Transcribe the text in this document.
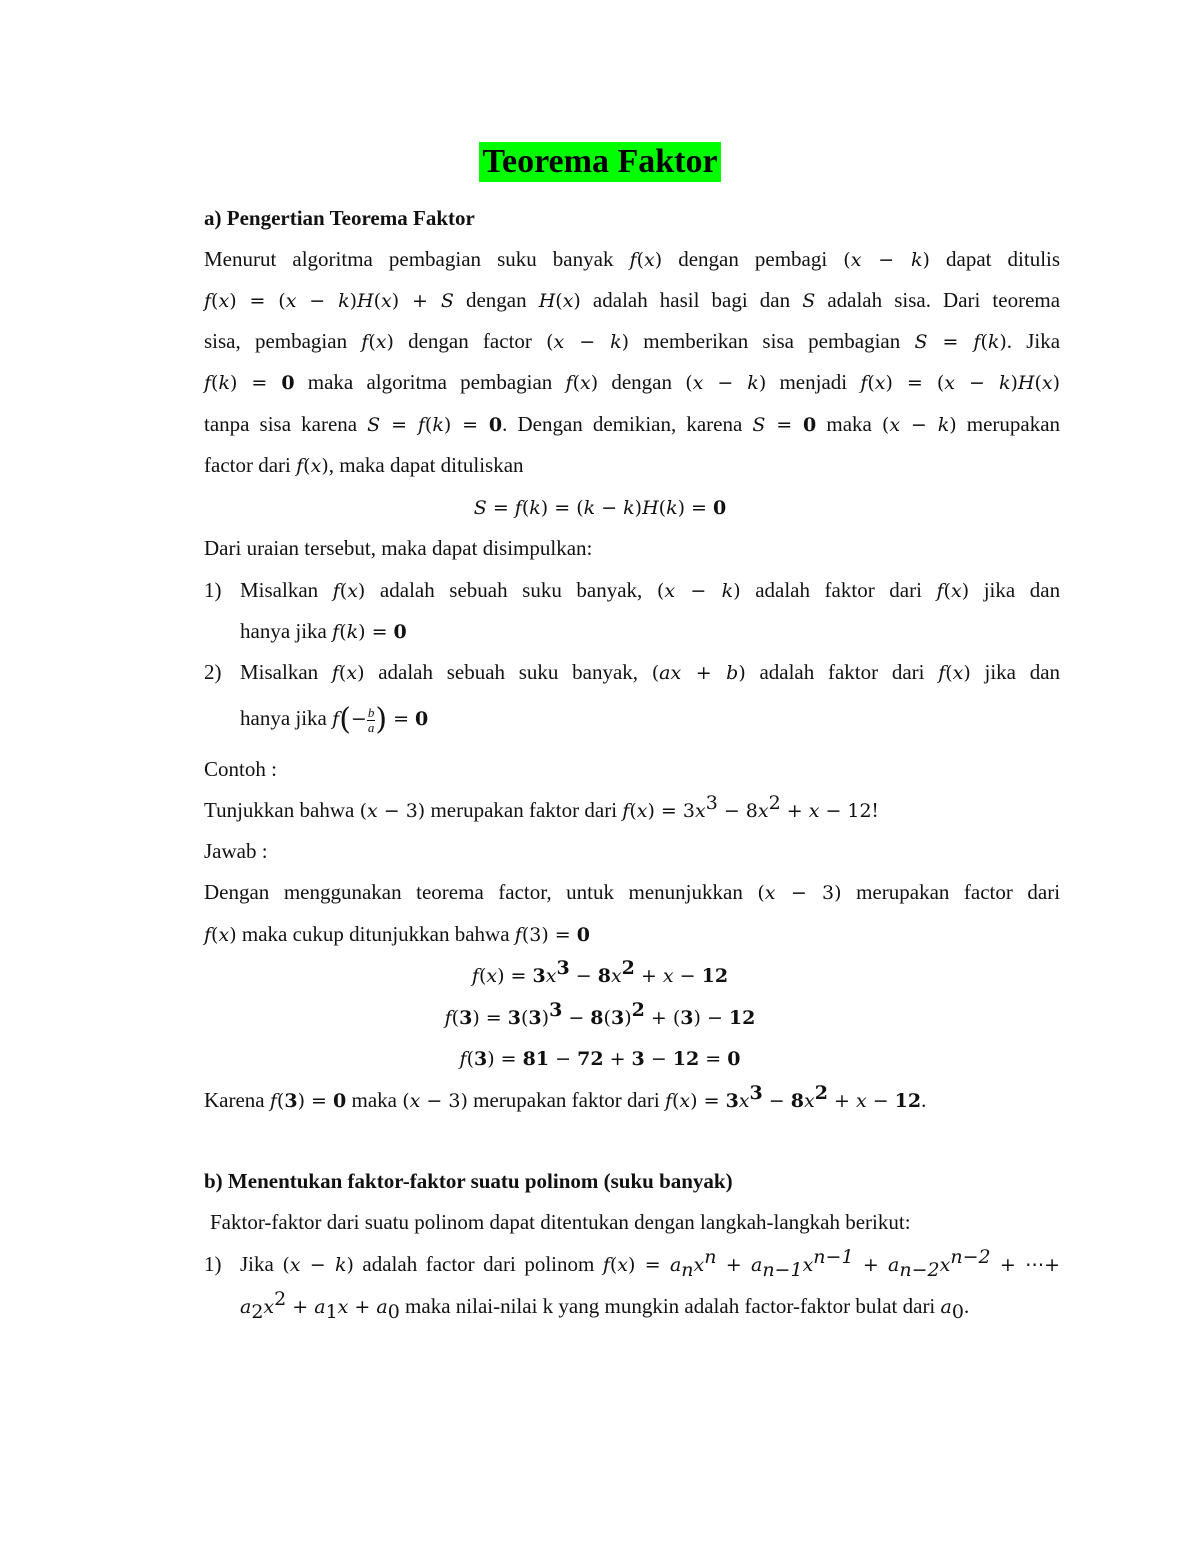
Teorema Faktor
a) Pengertian Teorema Faktor
Menurut algoritma pembagian suku banyak f(x) dengan pembagi (x − k) dapat ditulis
f(x) = (x − k)H(x) + S dengan H(x) adalah hasil bagi dan S adalah sisa. Dari teorema
sisa, pembagian f(x) dengan factor (x − k) memberikan sisa pembagian S = f(k). Jika
f(k) = 0 maka algoritma pembagian f(x) dengan (x − k) menjadi f(x) = (x − k)H(x)
tanpa sisa karena S = f(k) = 0. Dengan demikian, karena S = 0 maka (x − k) merupakan
factor dari f(x), maka dapat dituliskan
S = f(k) = (k − k)H(k) = 0
Dari uraian tersebut, maka dapat disimpulkan:
1) Misalkan f(x) adalah sebuah suku banyak, (x − k) adalah faktor dari f(x) jika dan
hanya jika f(k) = 0
2) Misalkan f(x) adalah sebuah suku banyak, (ax + b) adalah faktor dari f(x) jika dan
hanya jika $f(- \frac{b}{a}$ ) = 0
Contoh :
Tunjukkan bahwa (x − 3) merupakan faktor dari $f(x) = 3x^3 - 8x^2 + x - 12$!
Jawab :
Dengan menggunakan teorema factor, untuk menunjukkan (x − 3) merupakan factor dari
f(x) maka cukup ditunjukkan bahwa f(3) = 0
$f(x) = 3x^3 - 8x^2 + x - 12$
$f(3) = 3(3)^3 - 8(3)^2 + (3) - 12$
f(3) = 81 − 72 + 3 − 12 = 0
Karena f(3) = 0 maka (x − 3) merupakan faktor dari $f(x) = 3x^3 - 8x^2 + x - 12$.
b) Menentukan faktor-faktor suatu polinom (suku banyak)
Faktor-faktor dari suatu polinom dapat ditentukan dengan langkah-langkah berikut:
1) Jika (x − k) adalah factor dari polinom $f(x) = a_nx^n + a_{n-1}x^{n-1} + a_{n-2}x^{n-2}$ + ⋯+
$a_2x^2 + a_1x + a_0$ maka nilai-nilai k yang mungkin adalah factor-faktor bulat dari $a_0$.
